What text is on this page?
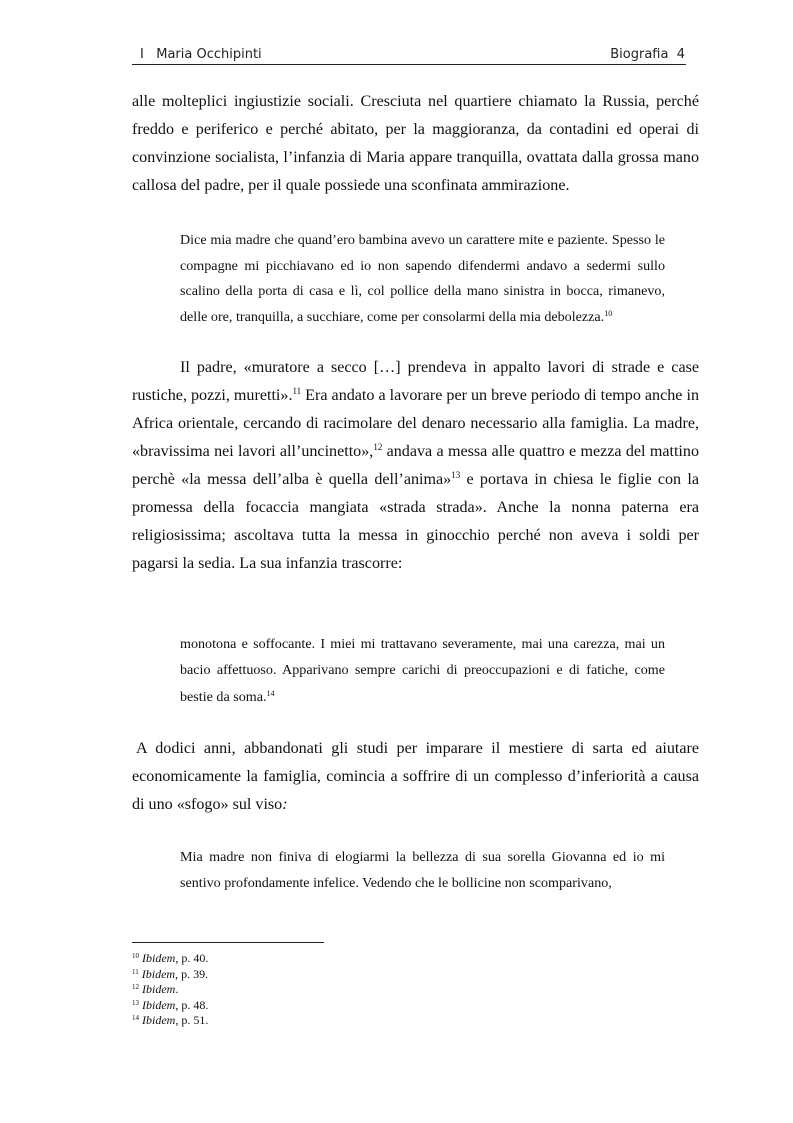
I   Maria Occhipinti	Biografia  4

alle molteplici ingiustizie sociali. Cresciuta nel quartiere chiamato la Russia, perché freddo e periferico e perché abitato, per la maggioranza, da contadini ed operai di convinzione socialista, l’infanzia di Maria appare tranquilla, ovattata dalla grossa mano callosa del padre, per il quale possiede una sconfinata ammirazione.

Dice mia madre che quand’ero bambina avevo un carattere mite e paziente. Spesso le compagne mi picchiavano ed io non sapendo difendermi andavo a sedermi sullo scalino della porta di casa e lì, col pollice della mano sinistra in bocca, rimanevo, delle ore, tranquilla, a succhiare, come per consolarmi della mia debolezza.$^{10}$

Il padre, «muratore a secco […] prendeva in appalto lavori di strade e case rustiche, pozzi, muretti».$^{11}$ Era andato a lavorare per un breve periodo di tempo anche in Africa orientale, cercando di racimolare del denaro necessario alla famiglia. La madre, «bravissima nei lavori all’uncinetto»,$^{12}$ andava a messa alle quattro e mezza del mattino perchè «la messa dell’alba è quella dell’anima»$^{13}$ e portava in chiesa le figlie con la promessa della focaccia mangiata «strada strada». Anche la nonna paterna era religiosissima; ascoltava tutta la messa in ginocchio perché non aveva i soldi per pagarsi la sedia. La sua infanzia trascorre:

monotona e soffocante. I miei mi trattavano severamente, mai una carezza, mai un bacio affettuoso. Apparivano sempre carichi di preoccupazioni e di fatiche, come bestie da soma.$^{14}$

A dodici anni, abbandonati gli studi per imparare il mestiere di sarta ed aiutare economicamente la famiglia, comincia a soffrire di un complesso d’inferiorità a causa di uno «sfogo» sul viso:

Mia madre non finiva di elogiarmi la bellezza di sua sorella Giovanna ed io mi sentivo profondamente infelice. Vedendo che le bollicine non scomparivano,

$^{10}$ Ibidem, p. 40.

$^{11}$ Ibidem, p. 39.

$^{12}$ Ibidem.

$^{13}$ Ibidem, p. 48.

$^{14}$ Ibidem, p. 51.
